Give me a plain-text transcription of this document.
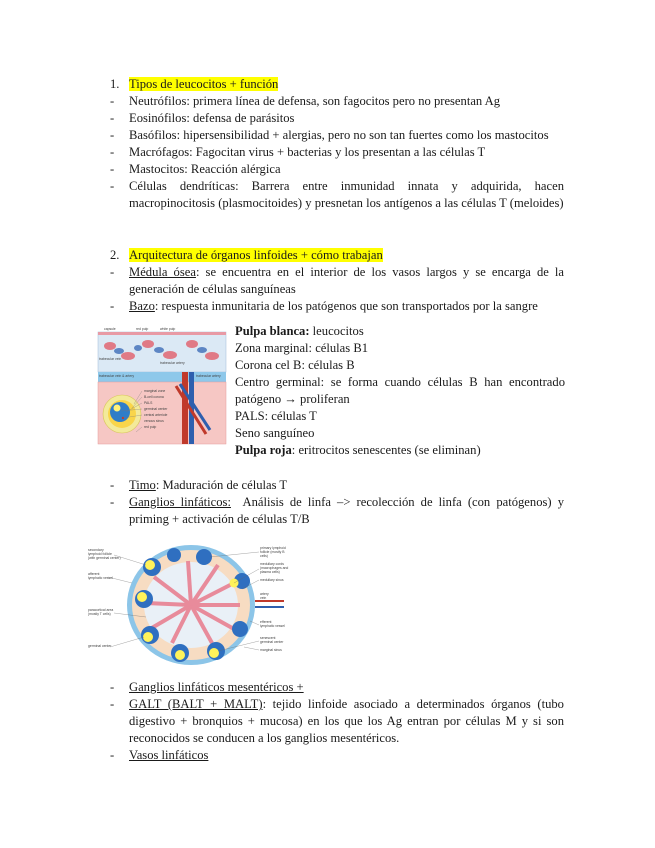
1. Tipos de leucocitos + función
- Neutrófilos: primera línea de defensa, son fagocitos pero no presentan Ag
- Eosinófilos: defensa de parásitos
- Basófilos: hipersensibilidad + alergias, pero no son tan fuertes como los mastocitos
- Macrófagos: Fagocitan virus + bacterias y los presentan a las células T
- Mastocitos: Reacción alérgica
- Células dendríticas: Barrera entre inmunidad innata y adquirida, hacen macropinocitosis (plasmocitoides) y presnetan los antígenos a las células T (meloides)
2. Arquitectura de órganos linfoides + cómo trabajan
- Médula ósea: se encuentra en el interior de los vasos largos y se encarga de la generación de células sanguíneas
- Bazo: respuesta inmunitaria de los patógenos que son transportados por la sangre
capsule	red pulp	white pulp
trabecular vein
trabecular artery
trabecular vein & artery	trabecular artery
marginal zone
B-cell corona
PALS
germinal center
central arteriole
venous sinus
red pulp
Pulpa blanca: leucocitos
Zona marginal: células B1
Corona cel B: células B
Centro germinal: se forma cuando células B han encontrado
patógeno → proliferan
PALS: células T
Seno sanguíneo
Pulpa roja: eritrocitos senescentes (se eliminan)
- Timo: Maduración de células T
- Ganglios linfáticos:  Análisis de linfa –> recolección de linfa (con patógenos) y priming + activación de células T/B
secondary
lymphoid follicle
(with germinal center)
afferent
lymphatic vessel
paracortical area
(mostly T cells)
germinal center
primary lymphoid
follicle (mostly B
cells)
medullary cords
(macrophages and
plasma cells)
medullary sinus
artery
vein
efferent
lymphatic vessel
senescent
germinal center
marginal sinus
- Ganglios linfáticos mesentéricos +
- GALT (BALT + MALT): tejido linfoide asociado a determinados órganos (tubo digestivo + bronquios + mucosa) en los que los Ag entran por células M y si son reconocidos se conducen a los ganglios mesentéricos.
- Vasos linfáticos
